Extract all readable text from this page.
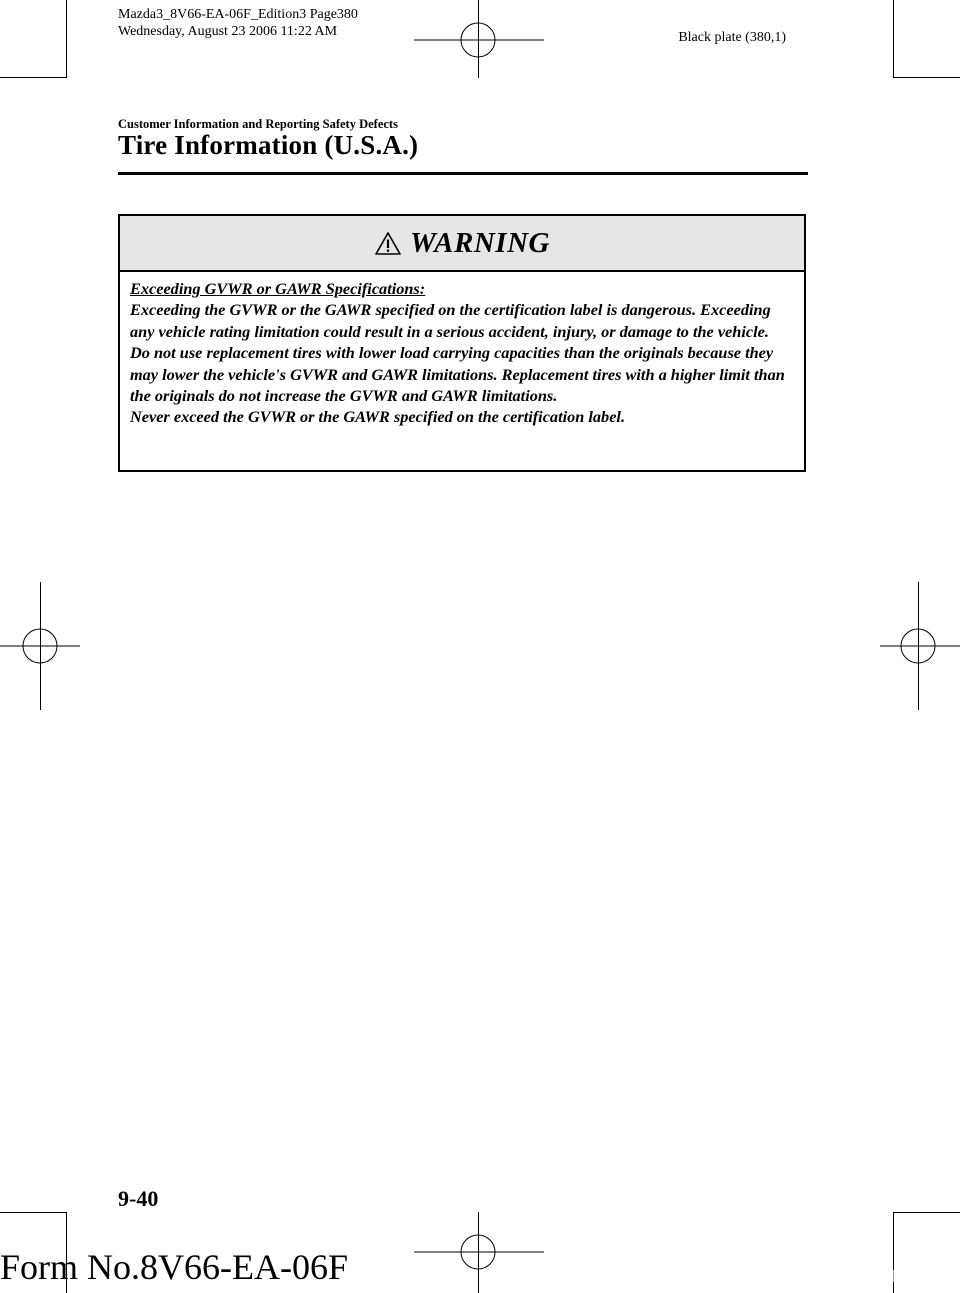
Mazda3_8V66-EA-06F_Edition3 Page380
Wednesday, August 23 2006 11:22 AM	Black plate (380,1)
Customer Information and Reporting Safety Defects
Tire Information (U.S.A.)
WARNING

Exceeding GVWR or GAWR Specifications:

Exceeding the GVWR or the GAWR specified on the certification label is dangerous. Exceeding any vehicle rating limitation could result in a serious accident, injury, or damage to the vehicle.

Do not use replacement tires with lower load carrying capacities than the originals because they may lower the vehicle's GVWR and GAWR limitations. Replacement tires with a higher limit than the originals do not increase the GVWR and GAWR limitations.

Never exceed the GVWR or the GAWR specified on the certification label.

9-40
Form No.8V66-EA-06F	carmanualsonline.info
